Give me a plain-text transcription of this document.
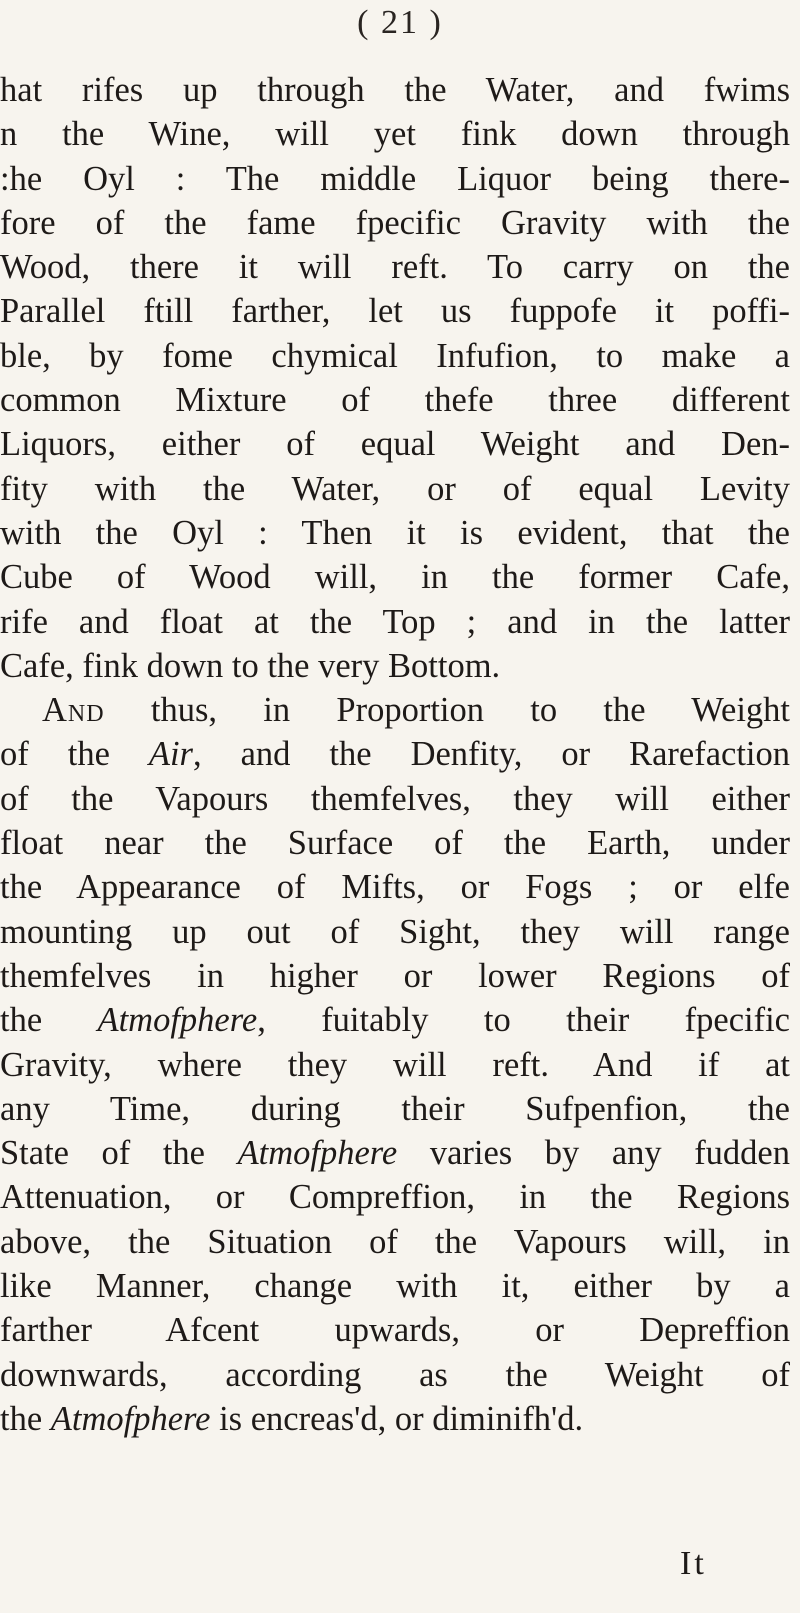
( 21 )
hat rifes up through the Water, and fwims
n the Wine, will yet fink down through
:he Oyl : The middle Liquor being there-
fore of the fame fpecific Gravity with the
Wood, there it will reft. To carry on the
Parallel ftill farther, let us fuppofe it poffi-
ble, by fome chymical Infufion, to make a
common Mixture of thefe three different
Liquors, either of equal Weight and Den-
fity with the Water, or of equal Levity
with the Oyl : Then it is evident, that the
Cube of Wood will, in the former Cafe,
rife and float at the Top ; and in the latter
Cafe, fink down to the very Bottom.
And thus, in Proportion to the Weight
of the Air, and the Denfity, or Rarefaction
of the Vapours themfelves, they will either
float near the Surface of the Earth, under
the Appearance of Mifts, or Fogs ; or elfe
mounting up out of Sight, they will range
themfelves in higher or lower Regions of
the Atmofphere, fuitably to their fpecific
Gravity, where they will reft. And if at
any Time, during their Sufpenfion, the
State of the Atmofphere varies by any fudden
Attenuation, or Compreffion, in the Regions
above, the Situation of the Vapours will, in
like Manner, change with it, either by a
farther Afcent upwards, or Depreffion
downwards, according as the Weight of
the Atmofphere is encreas'd, or diminifh'd.
It
